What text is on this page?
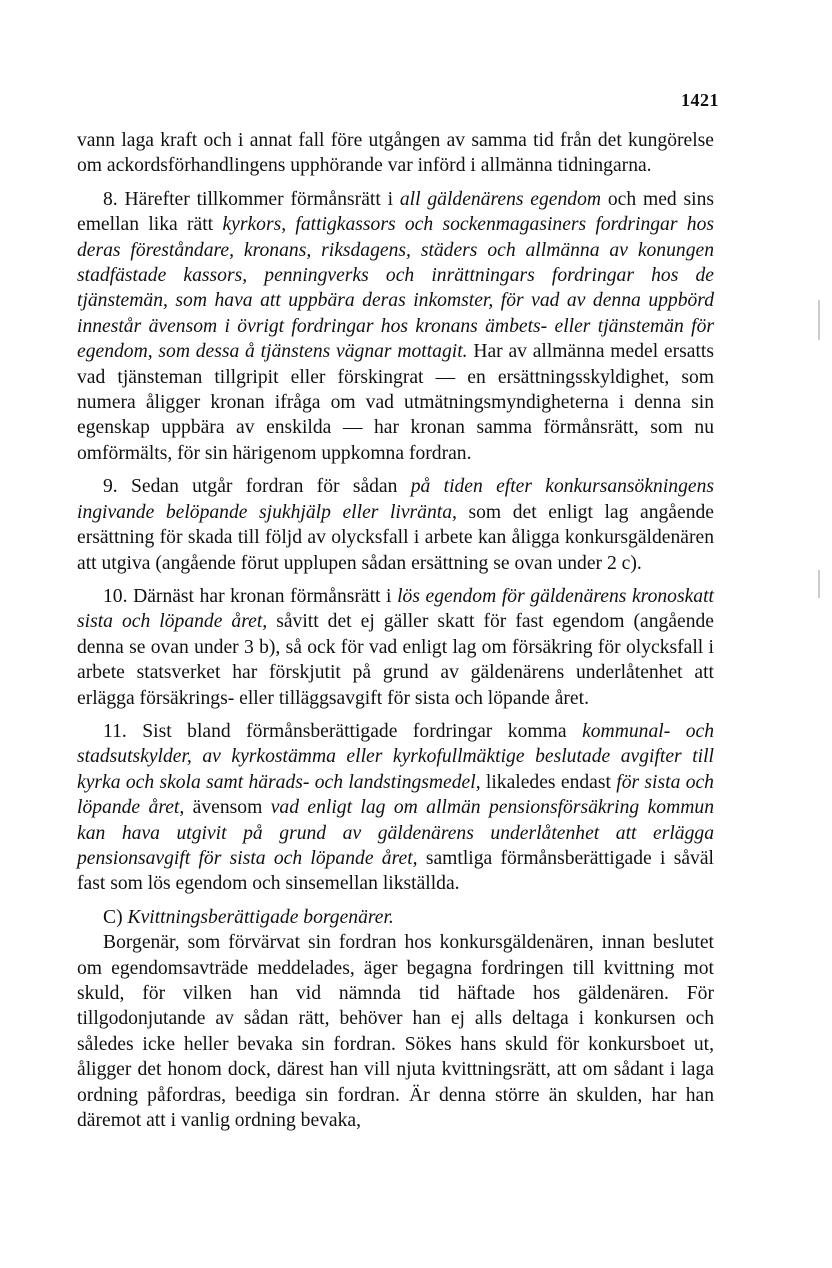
1421

vann laga kraft och i annat fall före utgången av samma tid från det kungörelse om ackordsförhandlingens upphörande var införd i allmänna tidningarna.

8. Härefter tillkommer förmånsrätt i all gäldenärens egendom och med sins emellan lika rätt kyrkors, fattigkassors och sockenmagasiners fordringar hos deras föreståndare, kronans, riksdagens, städers och allmänna av konungen stadfästade kassors, penningverks och inrättningars fordringar hos de tjänstemän, som hava att uppbära deras inkomster, för vad av denna uppbörd innestår ävensom i övrigt fordringar hos kronans ämbets- eller tjänstemän för egendom, som dessa å tjänstens vägnar mottagit. Har av allmänna medel ersatts vad tjänsteman tillgripit eller förskingrat — en ersättningsskyldighet, som numera åligger kronan ifråga om vad utmätningsmyndigheterna i denna sin egenskap uppbära av enskilda — har kronan samma förmånsrätt, som nu omförmälts, för sin härigenom uppkomna fordran.

9. Sedan utgår fordran för sådan på tiden efter konkursansökningens ingivande belöpande sjukhjälp eller livränta, som det enligt lag angående ersättning för skada till följd av olycksfall i arbete kan åligga konkursgäldenären att utgiva (angående förut upplupen sådan ersättning se ovan under 2 c).

10. Därnäst har kronan förmånsrätt i lös egendom för gäldenärens kronoskatt sista och löpande året, såvitt det ej gäller skatt för fast egendom (angående denna se ovan under 3 b), så ock för vad enligt lag om försäkring för olycksfall i arbete statsverket har förskjutit på grund av gäldenärens underlåtenhet att erlägga försäkrings- eller tilläggsavgift för sista och löpande året.

11. Sist bland förmånsberättigade fordringar komma kommunal- och stadsutskylder, av kyrkostämma eller kyrkofullmäktige beslutade avgifter till kyrka och skola samt härads- och landstingsmedel, likaledes endast för sista och löpande året, ävensom vad enligt lag om allmän pensionsförsäkring kommun kan hava utgivit på grund av gäldenärens underlåtenhet att erlägga pensionsavgift för sista och löpande året, samtliga förmånsberättigade i såväl fast som lös egendom och sinsemellan likställda.

C) Kvittningsberättigade borgenärer.

Borgenär, som förvärvat sin fordran hos konkursgäldenären, innan beslutet om egendomsavträde meddelades, äger begagna fordringen till kvittning mot skuld, för vilken han vid nämnda tid häftade hos gäldenären. För tillgodonjutande av sådan rätt, behöver han ej alls deltaga i konkursen och således icke heller bevaka sin fordran. Sökes hans skuld för konkursboet ut, åligger det honom dock, därest han vill njuta kvittningsrätt, att om sådant i laga ordning påfordras, beediga sin fordran. Är denna större än skulden, har han däremot att i vanlig ordning bevaka,
